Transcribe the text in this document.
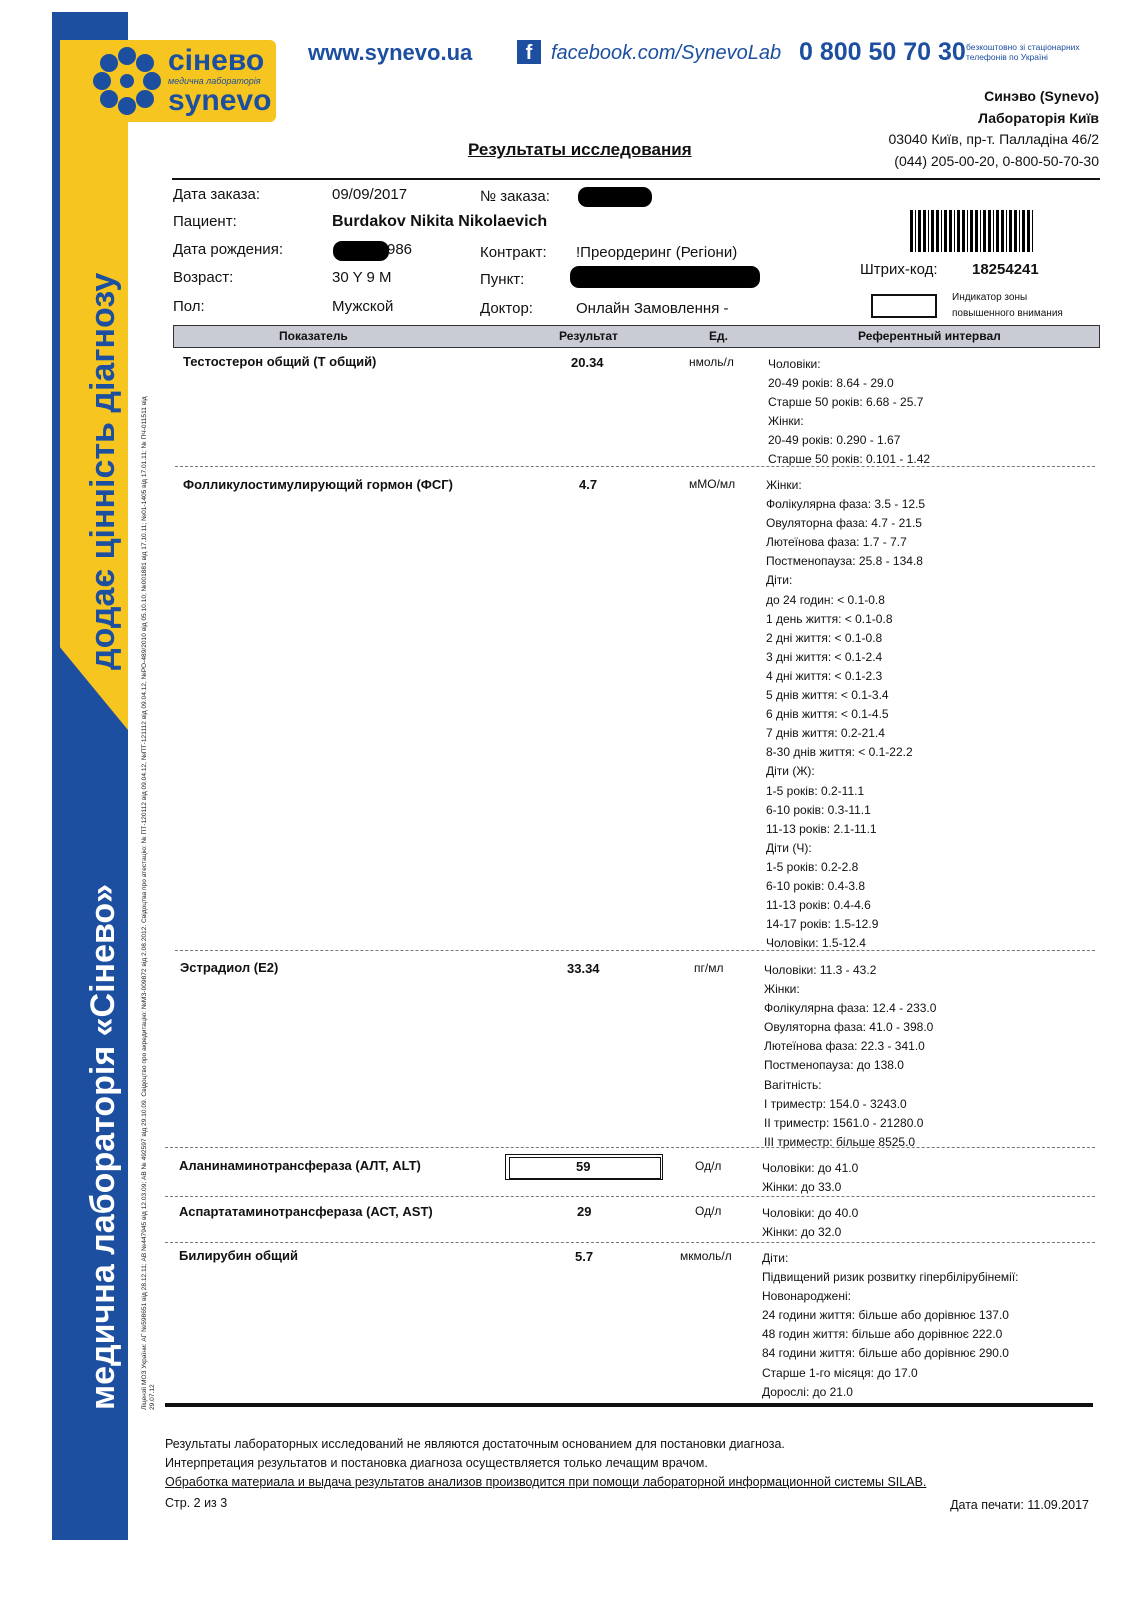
додає цінність діагнозу
медична лабораторія «Сінево»	Ліцензії МОЗ України: АГ №598651 від 28.12.11; АВ №447945 від 12.03.09; АВ № 492597 від 29.10.09. Свідоцтво про акредитацію: №МЗ-009872 від 2.08.2012. Свідоцтва про атестацію: № ПТ-120112 від 09.04.12, №ПТ-121112 від 09.04.12, №РО-489/2010 від 05.10.10; №001881 від 17.10.11; №01-1405 від 17.01.11; № ПЧ-011511 від 29.07.12
сінево
медична лабораторія
synevo
www.synevo.ua	f facebook.com/SynevoLab 0 800 50 70 30 безкоштовно зі стаціонарних телефонів по Україні
Синэво (Synevo)
Лабораторія Київ
03040 Київ, пр-т. Палладіна 46/2
(044) 205-00-20, 0-800-50-70-30
Результаты исследования
Дата заказа:	09/09/2017	№ заказа:
Пациент:	Burdakov Nikita Nikolaevich
Дата рождения:	986	Контракт: !Преордеринг (Регіони)
Возраст:	30 Y 9 M	Пункт:
Пол:	Мужской	Доктор:	Онлайн Замовлення -
Штрих-код: 18254241
Индикатор зоны повышенного внимания
Показатель	Результат	Ед.	Референтный интервал
Тестостерон общий (Т общий)	20.34	нмоль/л	Чоловіки:
20-49 років: 8.64 - 29.0
Старше 50 років: 6.68 - 25.7
Жінки:
20-49 років: 0.290 - 1.67
Старше 50 років: 0.101 - 1.42
Фолликулостимулирующий гормон (ФСГ)	4.7	мМО/мл	Жінки:
Фолікулярна фаза: 3.5 - 12.5
Овуляторна фаза: 4.7 - 21.5
Лютеїнова фаза: 1.7 - 7.7
Постменопауза: 25.8 - 134.8
Діти:
до 24 годин: < 0.1-0.8
1 день життя: < 0.1-0.8
2 дні життя: < 0.1-0.8
3 дні життя: < 0.1-2.4
4 дні життя: < 0.1-2.3
5 днів життя: < 0.1-3.4
6 днів життя: < 0.1-4.5
7 днів життя: 0.2-21.4
8-30 днів життя: < 0.1-22.2
Діти (Ж):
1-5 років: 0.2-11.1
6-10 років: 0.3-11.1
11-13 років: 2.1-11.1
Діти (Ч):
1-5 років: 0.2-2.8
6-10 років: 0.4-3.8
11-13 років: 0.4-4.6
14-17 років: 1.5-12.9
Чоловіки: 1.5-12.4
Эстрадиол (Е2)	33.34	пг/мл	Чоловіки: 11.3 - 43.2
Жінки:
Фолікулярна фаза: 12.4 - 233.0
Овуляторна фаза: 41.0 - 398.0
Лютеїнова фаза: 22.3 - 341.0
Постменопауза: до 138.0
Вагітність:
I триместр: 154.0 - 3243.0
II триместр: 1561.0 - 21280.0
III триместр: більше 8525.0
Аланинаминотрансфераза (АЛТ, ALT)	59	Од/л	Чоловіки: до 41.0
Жінки: до 33.0
Аспартатаминотрансфераза (АСТ, AST)	29	Од/л	Чоловіки: до 40.0
Жінки: до 32.0
Билирубин общий	5.7	мкмоль/л	Діти:
Підвищений ризик розвитку гіпербілірубінемії:
Новонароджені:
24 години життя: більше або дорівнює 137.0
48 годин життя: більше або дорівнює 222.0
84 години життя: більше або дорівнює 290.0
Старше 1-го місяця: до 17.0
Дорослі: до 21.0
Результаты лабораторных исследований не являются достаточным основанием для постановки диагноза.
Интерпретация результатов и постановка диагноза осуществляется только лечащим врачом.
Обработка материала и выдача результатов анализов производится при помощи лабораторной информационной системы SILAB.
Стр. 2 из 3	Дата печати: 11.09.2017
